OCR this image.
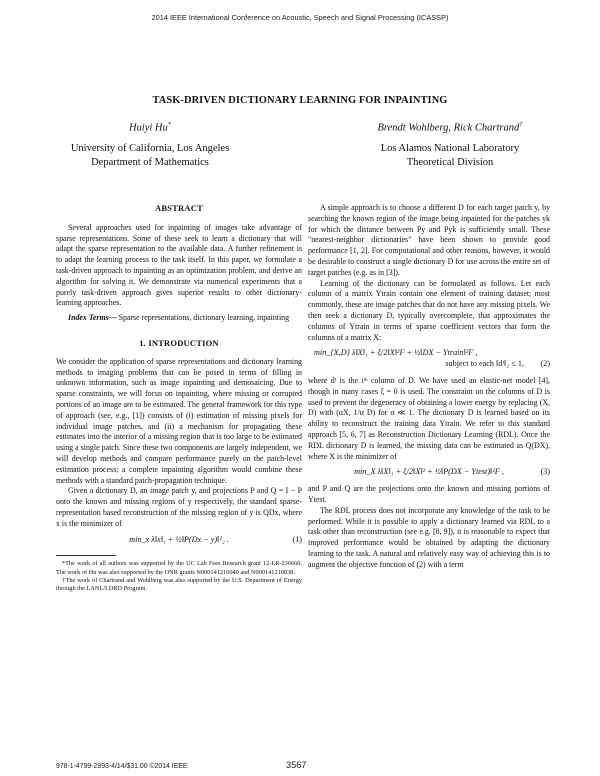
2014 IEEE International Conference on Acoustic, Speech and Signal Processing (ICASSP)
TASK-DRIVEN DICTIONARY LEARNING FOR INPAINTING
Huiyi Hu*
University of California, Los Angeles
Department of Mathematics
Brendt Wohlberg, Rick Chartrand†
Los Alamos National Laboratory
Theoretical Division
ABSTRACT

Several approaches used for inpainting of images take advantage of sparse representations. Some of these seek to learn a dictionary that will adapt the sparse representation to the available data. A further refinement is to adapt the learning process to the task itself. In this paper, we formulate a task-driven approach to inpainting as an optimization problem, and derive an algorithm for solving it. We demonstrate via numerical experiments that a purely task-driven approach gives superior results to other dictionary-learning approaches.

Index Terms— Sparse representations, dictionary learning, inpainting

1. INTRODUCTION

We consider the application of sparse representations and dictionary learning methods to imaging problems that can be posed in terms of filling in unknown information, such as image inpainting and demosaicing. Due to sparse constraints, we will focus on inpainting, where missing or corrupted portions of an image are to be estimated. The general framework for this type of approach (see, e.g., [1]) consists of (i) estimation of missing pixels for individual image patches, and (ii) a mechanism for propagating these estimates into the interior of a missing region that is too large to be estimated using a single patch. Since these two components are largely independent, we will develop methods and compare performance purely on the patch-level estimation process; a complete inpainting algorithm would combine these methods with a standard patch-propagation technique.

Given a dictionary D, an image patch y, and projections P and Q = I − P onto the known and missing regions of y respectively, the standard sparse-representation based reconstruction of the missing region of y is QDx, where x is the minimizer of

min_x λ‖x‖₁ + ½‖P(Dx − y)‖²₂ .	(1)

*The work of all authors was supported by the UC Lab Fees Research grant 12-LR-236660. The work of Hu was also supported by the ONR grants N000141210040 and N000141210838.

†The work of Chartrand and Wohlberg was also supported by the U.S. Department of Energy through the LANL/LDRD Program.

A simple approach is to choose a different D for each target patch y, by searching the known region of the image being inpainted for the patches yk for which the distance between Py and Pyk is sufficiently small. These "nearest-neighbor dictionaries" have been shown to provide good performance [1, 2]. For computational and other reasons, however, it would be desirable to construct a single dictionary D for use across the entire set of target patches (e.g. as in [3]).

Learning of the dictionary can be formulated as follows. Let each column of a matrix Ytrain contain one element of training dataset; most commonly, these are image patches that do not have any missing pixels. We then seek a dictionary D, typically overcomplete, that approximates the columns of Ytrain in terms of sparse coefficient vectors that form the columns of a matrix X:

min_{X,D} λ‖X‖₁ + ξ/2‖X‖²F + ½‖DX − Ytrain‖²F ,
subject to each ‖dⁱ‖₂ ≤ 1,	(2)

where dⁱ is the iᵗʰ column of D. We have used an elastic-net model [4], though in many cases ξ = 0 is used. The constraint on the columns of D is used to prevent the degeneracy of obtaining a lower energy by replacing (X, D) with (αX, 1/α D) for α ≪ 1. The dictionary D is learned based on its ability to reconstruct the training data Ytrain. We refer to this standard approach [5, 6, 7] as Reconstruction Dictionary Learning (RDL). Once the RDL dictionary D is learned, the missing data can be estimated as Q(DX), where X is the minimizer of

min_X λ‖X‖₁ + ξ/2‖X‖² + ½‖P(DX − Ytest)‖²F ,	(3)

and P and Q are the projections onto the known and missing portions of Ytest.

The RDL process does not incorporate any knowledge of the task to be performed. While it is possible to apply a dictionary learned via RDL to a task other than reconstruction (see e.g. [8, 9]), it is reasonable to expect that improved performance would be obtained by adapting the dictionary learning to the task. A natural and relatively easy way of achieving this is to augment the objective function of (2) with a term

978-1-4799-2893-4/14/$31.00 ©2014 IEEE	3567
